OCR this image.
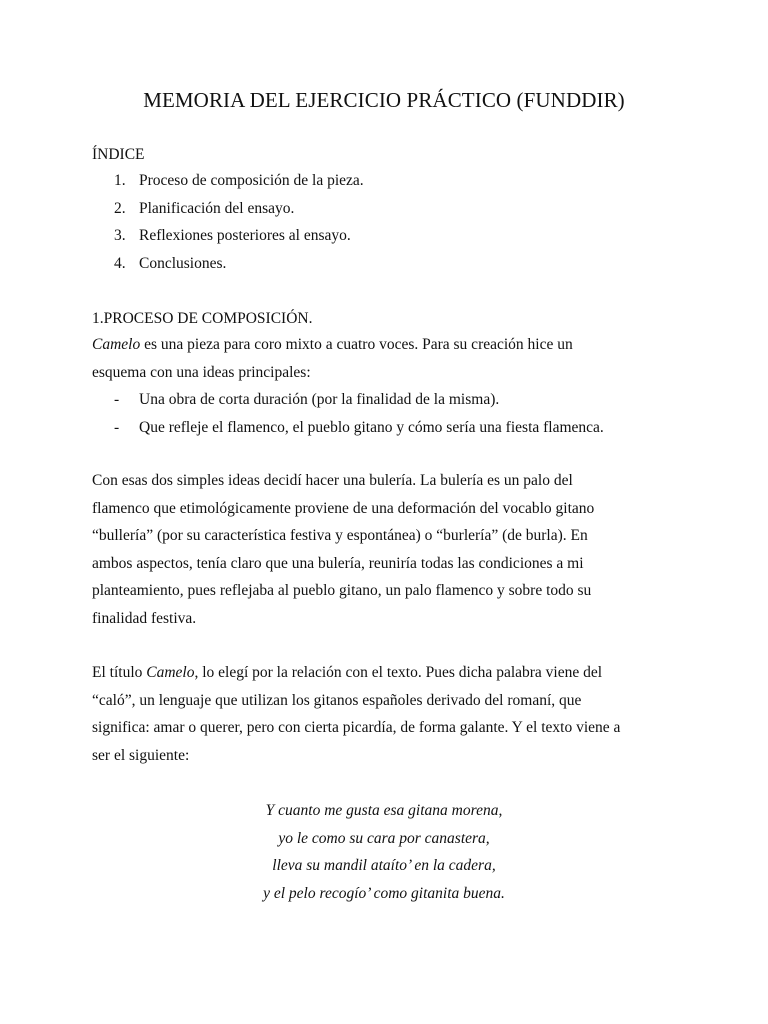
MEMORIA DEL EJERCICIO PRÁCTICO (FUNDDIR)
ÍNDICE
1. Proceso de composición de la pieza.
2. Planificación del ensayo.
3. Reflexiones posteriores al ensayo.
4. Conclusiones.
1.PROCESO DE COMPOSICIÓN.

Camelo es una pieza para coro mixto a cuatro voces. Para su creación hice un
esquema con una ideas principales:

-	Una obra de corta duración (por la finalidad de la misma).
-	Que refleje el flamenco, el pueblo gitano y cómo sería una fiesta flamenca.

Con esas dos simples ideas decidí hacer una bulería. La bulería es un palo del
flamenco que etimológicamente proviene de una deformación del vocablo gitano
“bullería” (por su característica festiva y espontánea) o “burlería” (de burla). En
ambos aspectos, tenía claro que una bulería, reuniría todas las condiciones a mi
planteamiento, pues reflejaba al pueblo gitano, un palo flamenco y sobre todo su
finalidad festiva.

El título Camelo, lo elegí por la relación con el texto. Pues dicha palabra viene del
“caló”, un lenguaje que utilizan los gitanos españoles derivado del romaní, que
significa: amar o querer, pero con cierta picardía, de forma galante. Y el texto viene a
ser el siguiente:

Y cuanto me gusta esa gitana morena,
yo le como su cara por canastera,
lleva su mandil ataíto’ en la cadera,
y el pelo recogío’ como gitanita buena.
